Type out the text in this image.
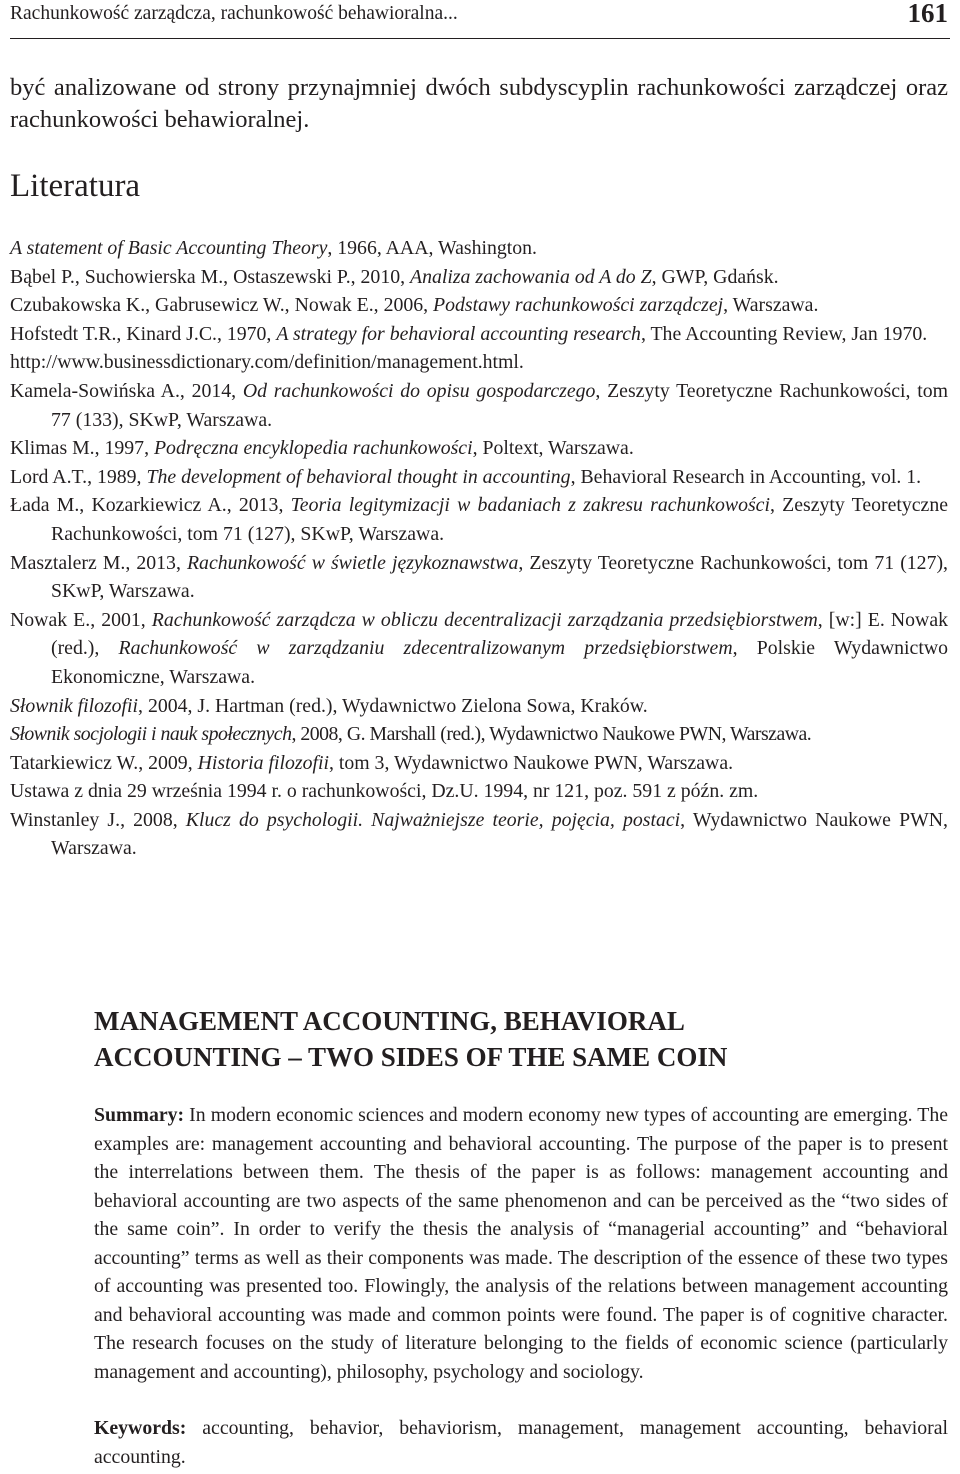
Rachunkowość zarządcza, rachunkowość behawioralna...	161

być analizowane od strony przynajmniej dwóch subdyscyplin rachunkowości zarządczej oraz rachunkowości behawioralnej.

Literatura
A statement of Basic Accounting Theory, 1966, AAA, Washington.
Bąbel P., Suchowierska M., Ostaszewski P., 2010, Analiza zachowania od A do Z, GWP, Gdańsk.
Czubakowska K., Gabrusewicz W., Nowak E., 2006, Podstawy rachunkowości zarządczej, Warszawa.
Hofstedt T.R., Kinard J.C., 1970, A strategy for behavioral accounting research, The Accounting Review, Jan 1970.
http://www.businessdictionary.com/definition/management.html.
Kamela-Sowińska A., 2014, Od rachunkowości do opisu gospodarczego, Zeszyty Teoretyczne Rachunkowości, tom 77 (133), SKwP, Warszawa.
Klimas M., 1997, Podręczna encyklopedia rachunkowości, Poltext, Warszawa.
Lord A.T., 1989, The development of behavioral thought in accounting, Behavioral Research in Accounting, vol. 1.
Łada M., Kozarkiewicz A., 2013, Teoria legitymizacji w badaniach z zakresu rachunkowości, Zeszyty Teoretyczne Rachunkowości, tom 71 (127), SKwP, Warszawa.
Masztalerz M., 2013, Rachunkowość w świetle językoznawstwa, Zeszyty Teoretyczne Rachunkowości, tom 71 (127), SKwP, Warszawa.
Nowak E., 2001, Rachunkowość zarządcza w obliczu decentralizacji zarządzania przedsiębiorstwem, [w:] E. Nowak (red.), Rachunkowość w zarządzaniu zdecentralizowanym przedsiębiorstwem, Polskie Wydawnictwo Ekonomiczne, Warszawa.
Słownik filozofii, 2004, J. Hartman (red.), Wydawnictwo Zielona Sowa, Kraków.
Słownik socjologii i nauk społecznych, 2008, G. Marshall (red.), Wydawnictwo Naukowe PWN, Warszawa.
Tatarkiewicz W., 2009, Historia filozofii, tom 3, Wydawnictwo Naukowe PWN, Warszawa.
Ustawa z dnia 29 września 1994 r. o rachunkowości, Dz.U. 1994, nr 121, poz. 591 z późn. zm.
Winstanley J., 2008, Klucz do psychologii. Najważniejsze teorie, pojęcia, postaci, Wydawnictwo Naukowe PWN, Warszawa.
MANAGEMENT ACCOUNTING, BEHAVIORAL
ACCOUNTING – TWO SIDES OF THE SAME COIN

Summary: In modern economic sciences and modern economy new types of accounting are emerging. The examples are: management accounting and behavioral accounting. The purpose of the paper is to present the interrelations between them. The thesis of the paper is as follows: management accounting and behavioral accounting are two aspects of the same phenomenon and can be perceived as the “two sides of the same coin”. In order to verify the thesis the analysis of “managerial accounting” and “behavioral accounting” terms as well as their components was made. The description of the essence of these two types of accounting was presented too. Flowingly, the analysis of the relations between management accounting and behavioral accounting was made and common points were found. The paper is of cognitive character. The research focuses on the study of literature belonging to the fields of economic science (particularly management and accounting), philosophy, psychology and sociology.

Keywords: accounting, behavior, behaviorism, management, management accounting, behavioral accounting.
